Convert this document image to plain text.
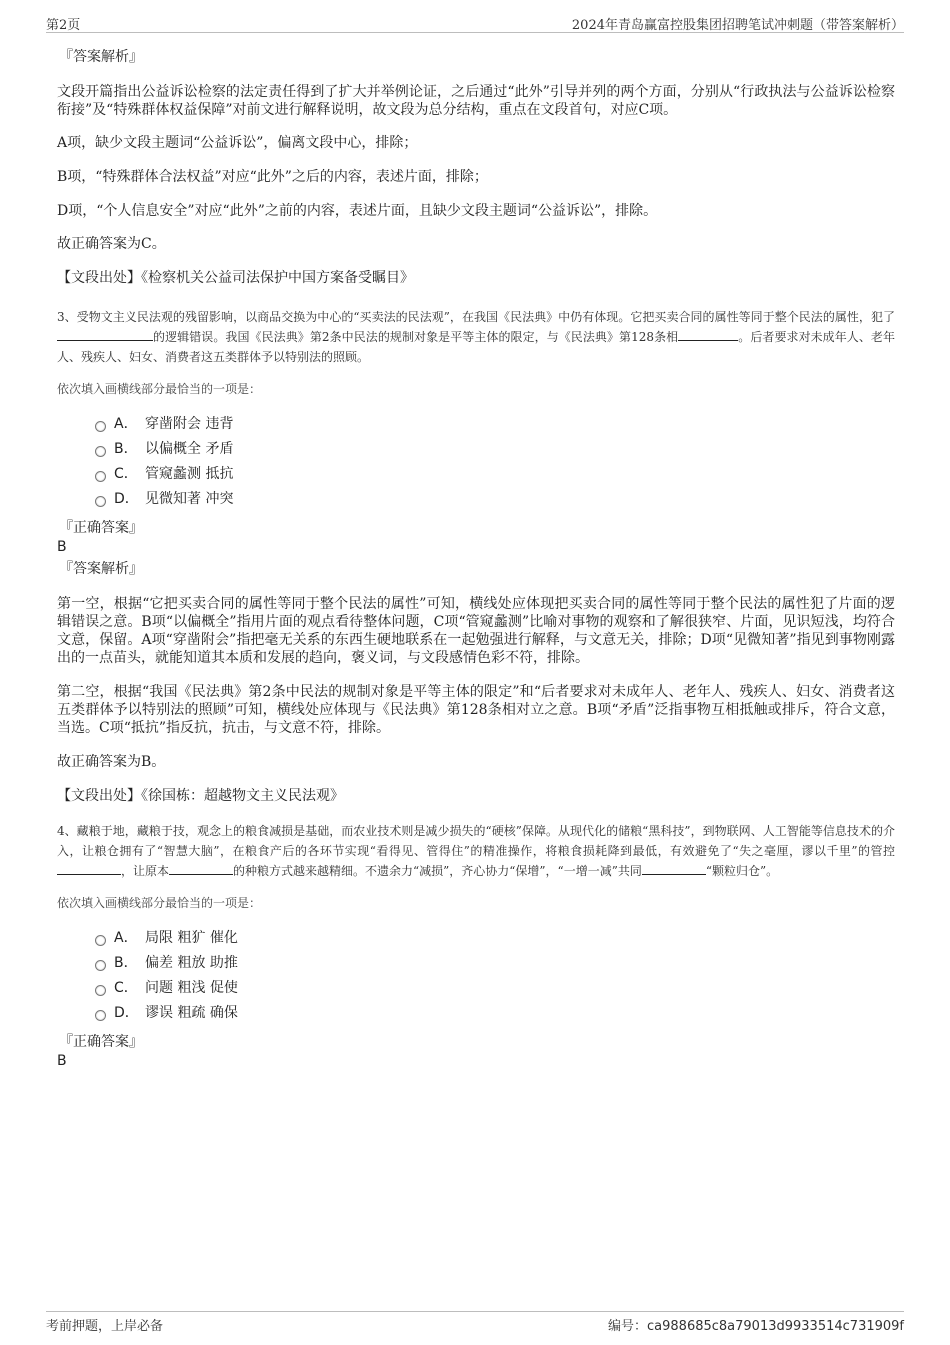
第2页	2024年青岛赢富控股集团招聘笔试冲刺题（带答案解析）

『答案解析』

文段开篇指出公益诉讼检察的法定责任得到了扩大并举例论证，之后通过“此外”引导并列的两个方面，分别从“行政执法与公益诉讼检察衔接”及“特殊群体权益保障”对前文进行解释说明，故文段为总分结构，重点在文段首句，对应C项。

A项，缺少文段主题词“公益诉讼”，偏离文段中心，排除；

B项，“特殊群体合法权益”对应“此外”之后的内容，表述片面，排除；

D项，“个人信息安全”对应“此外”之前的内容，表述片面，且缺少文段主题词“公益诉讼”，排除。

故正确答案为C。

【文段出处】《检察机关公益司法保护中国方案备受瞩目》

3、受物文主义民法观的残留影响，以商品交换为中心的“买卖法的民法观”，在我国《民法典》中仍有体现。它把买卖合同的属性等同于整个民法的属性，犯了的逻辑错误。我国《民法典》第2条中民法的规制对象是平等主体的限定，与《民法典》第128条相	。后者要求对未成年人、老年人、残疾人、妇女、消费者这五类群体予以特别法的照顾。

依次填入画横线部分最恰当的一项是：

A． 穿凿附会 违背
B． 以偏概全 矛盾
C． 管窥蠡测 抵抗
D． 见微知著 冲突

『正确答案』

B

『答案解析』

第一空，根据“它把买卖合同的属性等同于整个民法的属性”可知，横线处应体现把买卖合同的属性等同于整个民法的属性犯了片面的逻辑错误之意。B项“以偏概全”指用片面的观点看待整体问题，C项“管窥蠡测”比喻对事物的观察和了解很狭窄、片面，见识短浅，均符合文意，保留。A项“穿凿附会”指把毫无关系的东西生硬地联系在一起勉强进行解释，与文意无关，排除；D项“见微知著”指见到事物刚露出的一点苗头，就能知道其本质和发展的趋向，褒义词，与文段感情色彩不符，排除。

第二空，根据“我国《民法典》第2条中民法的规制对象是平等主体的限定”和“后者要求对未成年人、老年人、残疾人、妇女、消费者这五类群体予以特别法的照顾”可知，横线处应体现与《民法典》第128条相对立之意。B项“矛盾”泛指事物互相抵触或排斥，符合文意，当选。C项“抵抗”指反抗，抗击，与文意不符，排除。

故正确答案为B。

【文段出处】《徐国栋：超越物文主义民法观》

4、藏粮于地，藏粮于技，观念上的粮食减损是基础，而农业技术则是减少损失的“硬核”保障。从现代化的储粮“黑科技”，到物联网、人工智能等信息技术的介入，让粮仓拥有了“智慧大脑”，在粮食产后的各环节实现“看得见、管得住”的精准操作，将粮食损耗降到最低，有效避免了“失之毫厘，谬以千里”的管控，让原本	的种粮方式越来越精细。不遗余力“减损”，齐心协力“保增”，“一增一减”共同	“颗粒归仓”。

依次填入画横线部分最恰当的一项是：

A． 局限 粗犷 催化
B． 偏差 粗放 助推
C． 问题 粗浅 促使
D． 谬误 粗疏 确保

『正确答案』

B

考前押题，上岸必备	编号：ca988685c8a79013d9933514c731909f
